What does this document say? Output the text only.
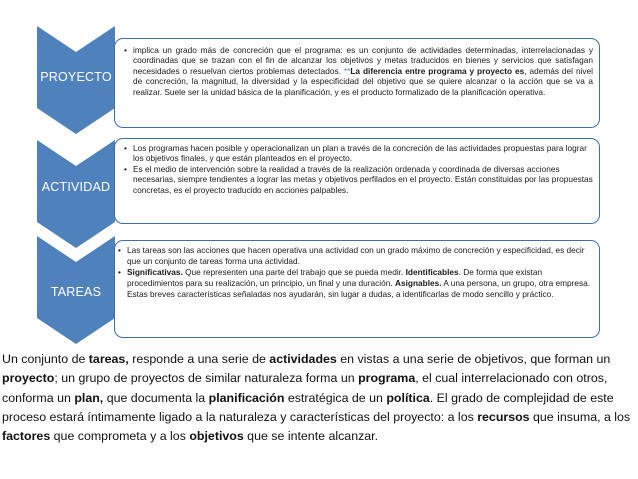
PROYECTO
• implica un grado más de concreción que el programa: es un conjunto de actividades determinadas, interrelacionadas y coordinadas que se trazan con el fin de alcanzar los objetivos y metas traducidos en bienes y servicios que satisfagan necesidades o resuelvan ciertos problemas detectados. **La diferencia entre programa y proyecto es, además del nivel de concreción, la magnitud, la diversidad y la especificidad del objetivo que se quiere alcanzar o la acción que se va a realizar. Suele ser la unidad básica de la planificación, y es el producto formalizado de la planificación operativa.
ACTIVIDAD
• Los programas hacen posible y operacionalizan un plan a través de la concreción de las actividades propuestas para lograr los objetivos finales, y que están planteados en el proyecto.
• Es el medio de intervención sobre la realidad a través de la realización ordenada y coordinada de diversas acciones necesarias, siempre tendientes a lograr las metas y objetivos perfilados en el proyecto. Están constituidas por las propuestas concretas, es el proyecto traducido en acciones palpables.
TAREAS
• Las tareas son las acciones que hacen operativa una actividad con un grado máximo de concreción y especificidad, es decir que un conjunto de tareas forma una actividad.
• Significativas. Que representen una parte del trabajo que se pueda medir. Identificables. De forma que existan procedimientos para su realización, un principio, un final y una duración. Asignables. A una persona, un grupo, otra empresa. Estas breves características señaladas nos ayudarán, sin lugar a dudas, a identificarlas de modo sencillo y práctico.
Un conjunto de tareas, responde a una serie de actividades en vistas a una serie de objetivos, que forman un proyecto; un grupo de proyectos de similar naturaleza forma un programa, el cual interrelacionado con otros, conforma un plan, que documenta la planificación estratégica de un política. El grado de complejidad de este proceso estará íntimamente ligado a la naturaleza y características del proyecto: a los recursos que insuma, a los factores que comprometa y a los objetivos que se intente alcanzar.
